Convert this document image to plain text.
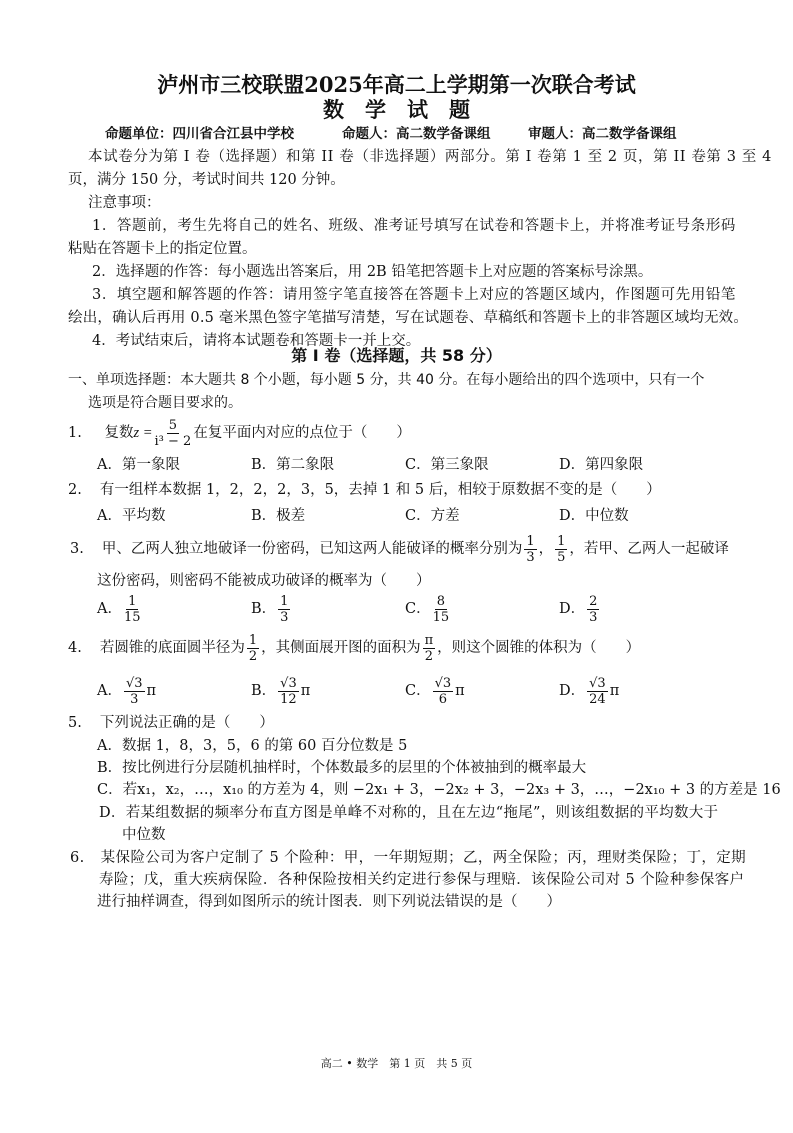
泸州市三校联盟2025年高二上学期第一次联合考试
数　学　试　题
命题单位：四川省合江县中学校	命题人：高二数学备课组	审题人：高二数学备课组
本试卷分为第 I 卷（选择题）和第 II 卷（非选择题）两部分。第 I 卷第 1 至 2 页，第 II 卷第 3 至 4
页，满分 150 分，考试时间共 120 分钟。
注意事项：
1．答题前，考生先将自己的姓名、班级、准考证号填写在试卷和答题卡上，并将准考证号条形码
粘贴在答题卡上的指定位置。
2．选择题的作答：每小题选出答案后，用 2B 铅笔把答题卡上对应题的答案标号涂黑。
3．填空题和解答题的作答：请用签字笔直接答在答题卡上对应的答题区域内，作图题可先用铅笔
绘出，确认后再用 0.5 毫米黑色签字笔描写清楚，写在试题卷、草稿纸和答题卡上的非答题区域均无效。
4．考试结束后，请将本试题卷和答题卡一并上交。
第 I 卷（选择题，共 58 分）
一、单项选择题：本大题共 8 个小题，每小题 5 分，共 40 分。在每小题给出的四个选项中，只有一个
选项是符合题目要求的。
1. 复数$z = \frac{5}{\text{i³ − 2}}$ 在复平面内对应的点位于（　　）
A．第一象限	B．第二象限	C．第三象限	D．第四象限
2. 有一组样本数据 1，2，2，2，3，5，去掉 1 和 5 后，相较于原数据不变的是（　　）
A．平均数	B．极差	C．方差	D．中位数
3. 甲、乙两人独立地破译一份密码，已知这两人能破译的概率分别为 $\frac{1}{3}$ ， $\frac{1}{5}$ ，若甲、乙两人一起破译
这份密码，则密码不能被成功破译的概率为（　　）
A． $\frac{1}{15}$	B． $\frac{1}{3}$	C． $\frac{8}{15}$	D． $\frac{2}{3}$
4. 若圆锥的底面圆半径为 $\frac{1}{2}$ ，其侧面展开图的面积为 $\frac{\pi}{2}$ ，则这个圆锥的体积为（　　）
A． $\frac{√3}{3}$ π	B． $\frac{√3}{12}$ π	C． $\frac{√3}{6}$ π	D． $\frac{√3}{24}$ π
5. 下列说法正确的是（　　）
A．数据 1，8，3，5，6 的第 60 百分位数是 5
B．按比例进行分层随机抽样时，个体数最多的层里的个体被抽到的概率最大
C．若x₁，x₂，…，x₁₀ 的方差为 4，则 −2x₁ + 3，−2x₂ + 3，−2x₃ + 3，…，−2x₁₀ + 3 的方差是 16
D．若某组数据的频率分布直方图是单峰不对称的，且在左边“拖尾”，则该组数据的平均数大于
中位数
6. 某保险公司为客户定制了 5 个险种：甲，一年期短期；乙，两全保险；丙，理财类保险；丁，定期
寿险；戊，重大疾病保险．各种保险按相关约定进行参保与理赔．该保险公司对 5 个险种参保客户
进行抽样调查，得到如图所示的统计图表．则下列说法错误的是（　　）
高二 • 数学　第 1 页　共 5 页
